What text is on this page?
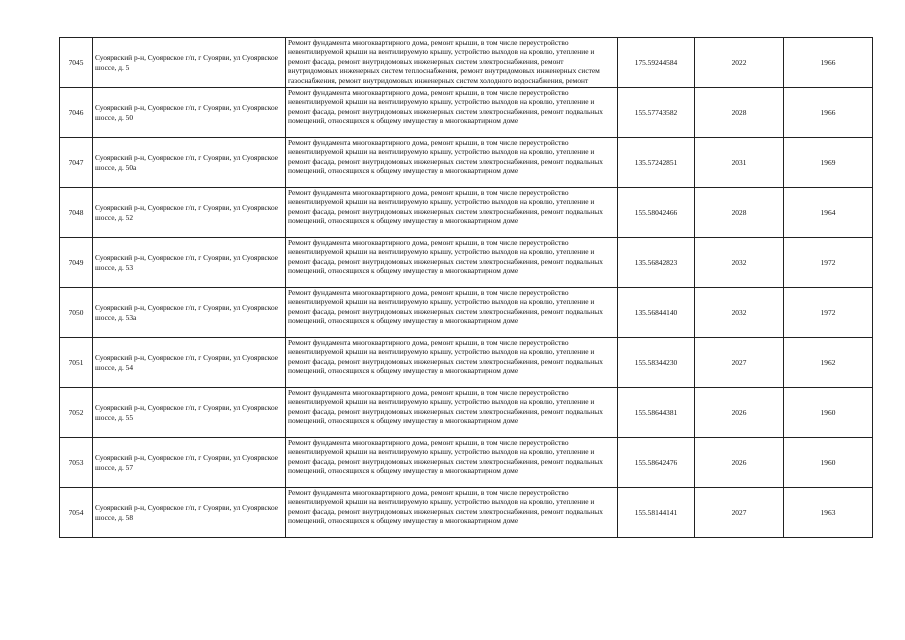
7045	Суоярвский р-н, Суоярвское г/п, г Суоярви, ул Суоярвское шоссе, д. 5	Ремонт фундамента многоквартирного дома, ремонт крыши, в том числе переустройство невентилируемой крыши на вентилируемую крышу, устройство выходов на кровлю, утепление и ремонт фасада, ремонт внутридомовых инженерных систем электроснабжения, ремонт внутридомовых инженерных систем теплоснабжения, ремонт внутридомовых инженерных систем газоснабжения, ремонт внутридомовых инженерных систем холодного водоснабжения, ремонт	175.59244584	2022	1966
7046	Суоярвский р-н, Суоярвское г/п, г Суоярви, ул Суоярвское шоссе, д. 50	Ремонт фундамента многоквартирного дома, ремонт крыши, в том числе переустройство невентилируемой крыши на вентилируемую крышу, устройство выходов на кровлю, утепление и ремонт фасада, ремонт внутридомовых инженерных систем электроснабжения, ремонт подвальных помещений, относящихся к общему имуществу в многоквартирном доме	155.57743582	2028	1966
7047	Суоярвский р-н, Суоярвское г/п, г Суоярви, ул Суоярвское шоссе, д. 50а	Ремонт фундамента многоквартирного дома, ремонт крыши, в том числе переустройство невентилируемой крыши на вентилируемую крышу, устройство выходов на кровлю, утепление и ремонт фасада, ремонт внутридомовых инженерных систем электроснабжения, ремонт подвальных помещений, относящихся к общему имуществу в многоквартирном доме	135.57242851	2031	1969
7048	Суоярвский р-н, Суоярвское г/п, г Суоярви, ул Суоярвское шоссе, д. 52	Ремонт фундамента многоквартирного дома, ремонт крыши, в том числе переустройство невентилируемой крыши на вентилируемую крышу, устройство выходов на кровлю, утепление и ремонт фасада, ремонт внутридомовых инженерных систем электроснабжения, ремонт подвальных помещений, относящихся к общему имуществу в многоквартирном доме	155.58042466	2028	1964
7049	Суоярвский р-н, Суоярвское г/п, г Суоярви, ул Суоярвское шоссе, д. 53	Ремонт фундамента многоквартирного дома, ремонт крыши, в том числе переустройство невентилируемой крыши на вентилируемую крышу, устройство выходов на кровлю, утепление и ремонт фасада, ремонт внутридомовых инженерных систем электроснабжения, ремонт подвальных помещений, относящихся к общему имуществу в многоквартирном доме	135.56842823	2032	1972
7050	Суоярвский р-н, Суоярвское г/п, г Суоярви, ул Суоярвское шоссе, д. 53а	Ремонт фундамента многоквартирного дома, ремонт крыши, в том числе переустройство невентилируемой крыши на вентилируемую крышу, устройство выходов на кровлю, утепление и ремонт фасада, ремонт внутридомовых инженерных систем электроснабжения, ремонт подвальных помещений, относящихся к общему имуществу в многоквартирном доме	135.56844140	2032	1972
7051	Суоярвский р-н, Суоярвское г/п, г Суоярви, ул Суоярвское шоссе, д. 54	Ремонт фундамента многоквартирного дома, ремонт крыши, в том числе переустройство невентилируемой крыши на вентилируемую крышу, устройство выходов на кровлю, утепление и ремонт фасада, ремонт внутридомовых инженерных систем электроснабжения, ремонт подвальных помещений, относящихся к общему имуществу в многоквартирном доме	155.58344230	2027	1962
7052	Суоярвский р-н, Суоярвское г/п, г Суоярви, ул Суоярвское шоссе, д. 55	Ремонт фундамента многоквартирного дома, ремонт крыши, в том числе переустройство невентилируемой крыши на вентилируемую крышу, устройство выходов на кровлю, утепление и ремонт фасада, ремонт внутридомовых инженерных систем электроснабжения, ремонт подвальных помещений, относящихся к общему имуществу в многоквартирном доме	155.58644381	2026	1960
7053	Суоярвский р-н, Суоярвское г/п, г Суоярви, ул Суоярвское шоссе, д. 57	Ремонт фундамента многоквартирного дома, ремонт крыши, в том числе переустройство невентилируемой крыши на вентилируемую крышу, устройство выходов на кровлю, утепление и ремонт фасада, ремонт внутридомовых инженерных систем электроснабжения, ремонт подвальных помещений, относящихся к общему имуществу в многоквартирном доме	155.58642476	2026	1960
7054	Суоярвский р-н, Суоярвское г/п, г Суоярви, ул Суоярвское шоссе, д. 58	Ремонт фундамента многоквартирного дома, ремонт крыши, в том числе переустройство невентилируемой крыши на вентилируемую крышу, устройство выходов на кровлю, утепление и ремонт фасада, ремонт внутридомовых инженерных систем электроснабжения, ремонт подвальных помещений, относящихся к общему имуществу в многоквартирном доме	155.58144141	2027	1963
